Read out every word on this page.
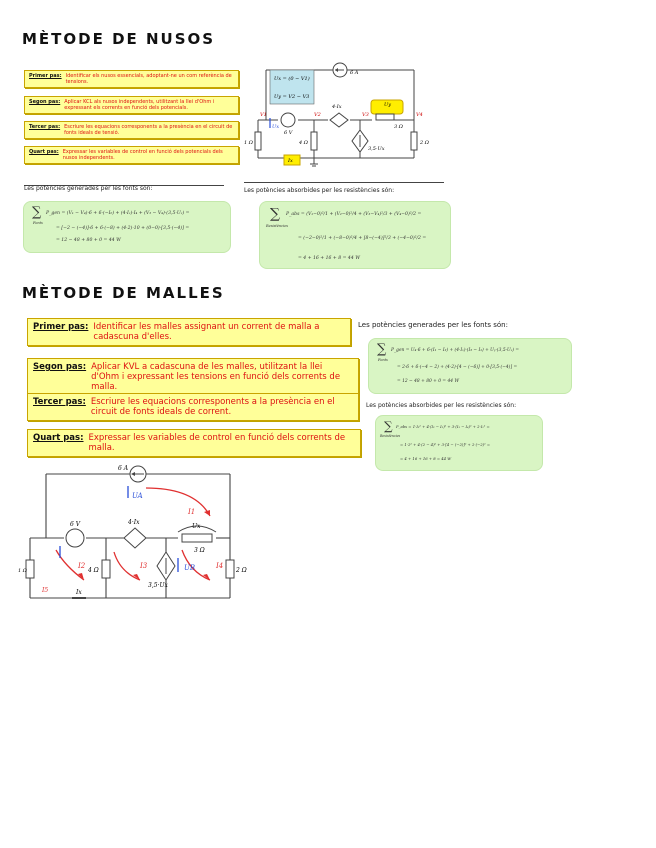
MÈTODE DE NUSOS
Primer pas: Identificar els nusos essencials, adoptant-ne un com referència de tensions.
Segon pas: Aplicar KCL als nusos independents, utilitzant la llei d'Ohm i expressant els corrents en funció dels potencials.
Tercer pas: Escriure les equacions corresponents a la presència en el circuit de fonts ideals de tensió.
Quart pas: Expressar les variables de control en funció dels potencials dels nusos independents.
Ux = (0 − V1)
Uy = V2 − V3
6 A
6 V
4·Ix	Uy
3 Ω
3,5·Ux
1 Ω	4 Ω	2 Ω
V1	V2	V3	V4
Ux
Ix
Les potències generades per les fonts són:	Les potències absorbides per les resistències són:
∑
Fonts
P_gen = (V₁ − V₄)·6 + 6·(−I₆) + (4·Iₓ)·I₄ + (V₃ − V₄)·(3,5·Uₓ) =
= [−2 − (−4)]·6 + 6·(−8) + (4·2)·10 + (0−0)·[3,5·(−4)] =
= 12 − 48 + 80 + 0 = 44 W
∑
Resistències
P_abs = (V₁−0)²/1 + (V₂−0)²/4 + (V₃−V₄)²/3 + (V₄−0)²/2 =
= (−2−0)²/1 + (−8−0)²/4 + [8−(−4)]²/3 + (−4−0)²/2 =
= 4 + 16 + 16 + 8 = 44 W
MÈTODE DE MALLES
Primer pas: Identificar les malles assignant un corrent de malla a cadascuna d'elles.
Segon pas: Aplicar KVL a cadascuna de les malles, utilitzant la llei d'Ohm i expressant les tensions en funció dels corrents de malla.
Tercer pas: Escriure les equacions corresponents a la presència en el circuit de fonts ideals de corrent.
Quart pas: Expressar les variables de control en funció dels corrents de malla.
6 A
6 V	4·Ix
Ux
3 Ω
3,5·Ux
1 Ω	4 Ω	2 Ω
I1
I2	I3	I4
UA
UB
Ix
I5
Les potències generades per les fonts són:
∑
Fonts
P_gen = U₄·6 + 6·(I₁ − I₂) + (4·Iₓ)·(I₃ − I₁) + Uᵧ·(3,5·Uₓ) =
= 2·6 + 6·(−4 − 2) + (4·2)·[4 − (−6)] + 0·[3,5·(−4)] =
= 12 − 48 + 80 + 0 = 44 W
Les potències absorbides per les resistències són:
∑
Resistències
P_abs = 1·I₂² + 4·(I₂ − I₃)² + 3·(I₃ − I₄)² + 2·I₅² =
= 1·2² + 4·(2 − 4)² + 3·[4 − (−2)]² + 2·(−2)² =
= 4 + 16 + 16 + 8 = 44 W
